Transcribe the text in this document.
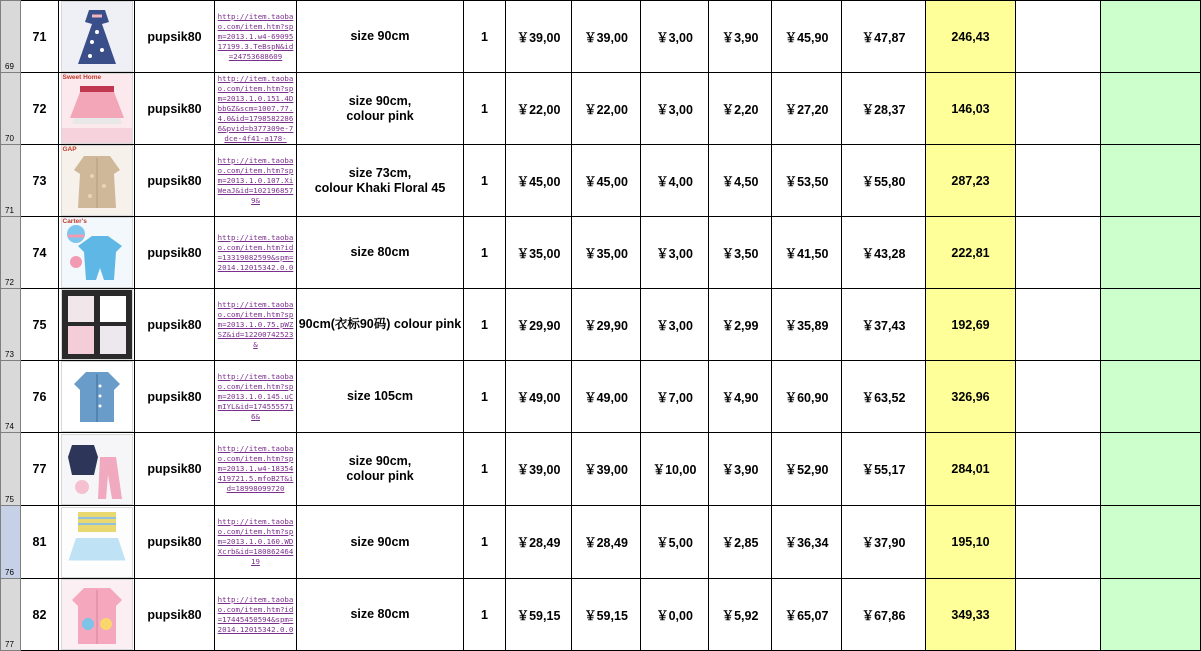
69	71		pupsik80	http://item.taobao.com/item.htm?spm=2013.1.w4-6909517199.3.TeBspN&id=24753688609	size 90cm	1	￥39,00	￥39,00	￥3,00	￥3,90	￥45,90	￥47,87	246,43		
70	72	Sweet Home	pupsik80	http://item.taobao.com/item.htm?spm=2013.1.0.151.4DbbGZ&scm=1007.77.4.0&id=17985822866&pvid=b377309e-7dce-4f41-a178-	size 90cm,
colour pink	1	￥22,00	￥22,00	￥3,00	￥2,20	￥27,20	￥28,37	146,03		
71	73	GAP	pupsik80	http://item.taobao.com/item.htm?spm=2013.1.0.107.XiWeaJ&id=1021968579&	size 73cm,
colour Khaki Floral 45	1	￥45,00	￥45,00	￥4,00	￥4,50	￥53,50	￥55,80	287,23		
72	74	Carter's	pupsik80	http://item.taobao.com/item.htm?id=13319082599&spm=2014.12015342.0.0	size 80cm	1	￥35,00	￥35,00	￥3,00	￥3,50	￥41,50	￥43,28	222,81		
73	75		pupsik80	http://item.taobao.com/item.htm?spm=2013.1.0.75.pWZSZ&id=12200742523&	90cm(衣标90码) colour pink	1	￥29,90	￥29,90	￥3,00	￥2,99	￥35,89	￥37,43	192,69		
74	76		pupsik80	http://item.taobao.com/item.htm?spm=2013.1.0.145.uCmIYL&id=1745555716&	size 105cm	1	￥49,00	￥49,00	￥7,00	￥4,90	￥60,90	￥63,52	326,96		
75	77		pupsik80	http://item.taobao.com/item.htm?spm=2013.1.w4-18354419721.5.mfoB2T&id=18998099720	size 90cm,
colour pink	1	￥39,00	￥39,00	￥10,00	￥3,90	￥52,90	￥55,17	284,01		
76	81		pupsik80	http://item.taobao.com/item.htm?spm=2013.1.0.160.WDXcrb&id=18086246419	size 90cm	1	￥28,49	￥28,49	￥5,00	￥2,85	￥36,34	￥37,90	195,10		
77	82		pupsik80	http://item.taobao.com/item.htm?id=17445450594&spm=2014.12015342.0.0	size 80cm	1	￥59,15	￥59,15	￥0,00	￥5,92	￥65,07	￥67,86	349,33		
